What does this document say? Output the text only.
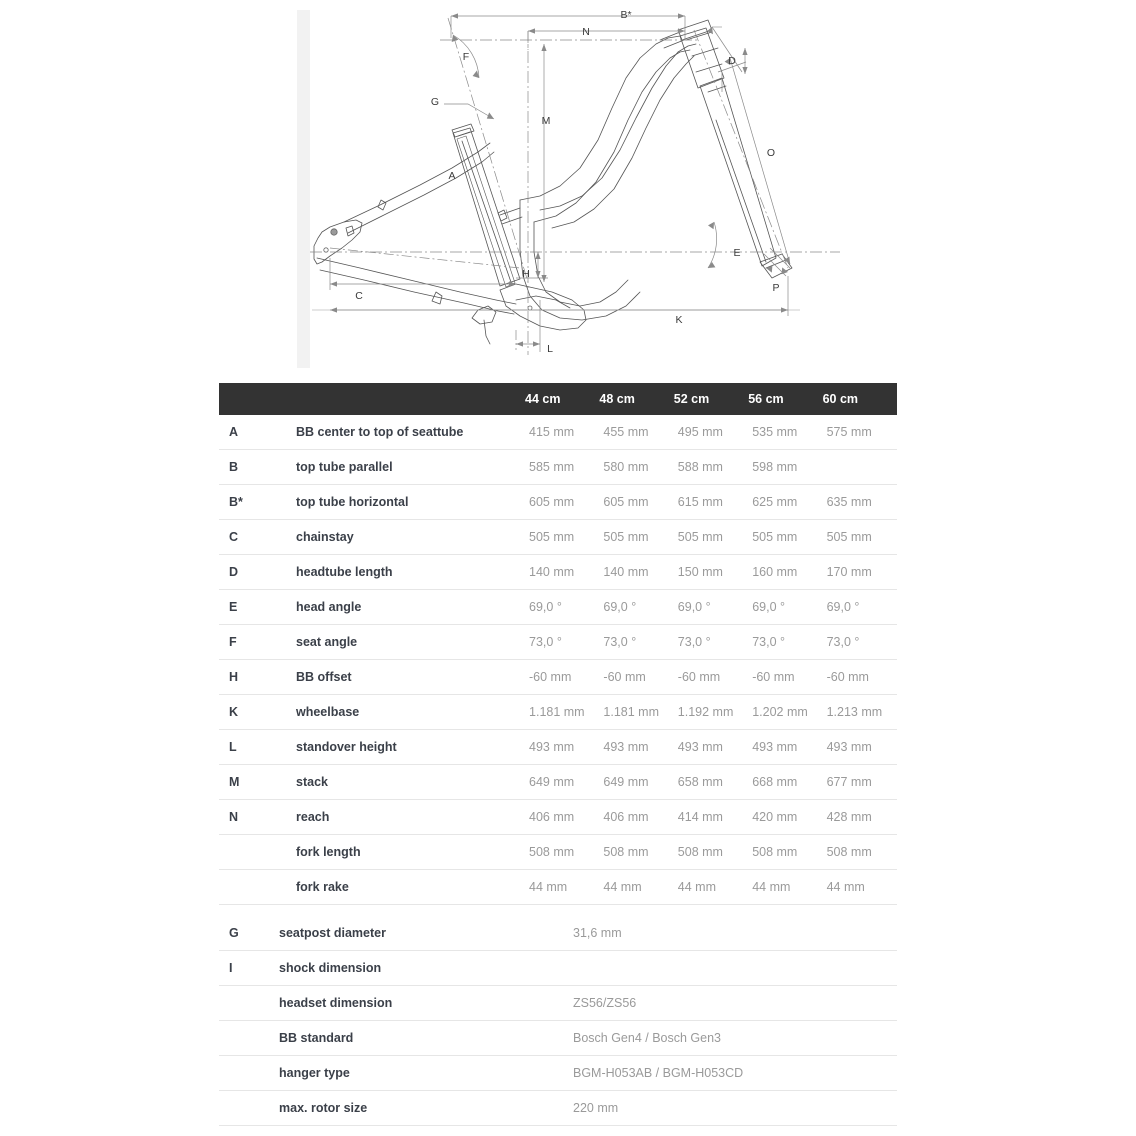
B*
N
F	D
G
M
O
A
E
H
P
C
K
L
		44 cm	48 cm	52 cm	56 cm	60 cm
A	BB center to top of seattube	415 mm	455 mm	495 mm	535 mm	575 mm
B	top tube parallel	585 mm	580 mm	588 mm	598 mm	
B*	top tube horizontal	605 mm	605 mm	615 mm	625 mm	635 mm
C	chainstay	505 mm	505 mm	505 mm	505 mm	505 mm
D	headtube length	140 mm	140 mm	150 mm	160 mm	170 mm
E	head angle	69,0 °	69,0 °	69,0 °	69,0 °	69,0 °
F	seat angle	73,0 °	73,0 °	73,0 °	73,0 °	73,0 °
H	BB offset	-60 mm	-60 mm	-60 mm	-60 mm	-60 mm
K	wheelbase	1.181 mm	1.181 mm	1.192 mm	1.202 mm	1.213 mm
L	standover height	493 mm	493 mm	493 mm	493 mm	493 mm
M	stack	649 mm	649 mm	658 mm	668 mm	677 mm
N	reach	406 mm	406 mm	414 mm	420 mm	428 mm
	fork length	508 mm	508 mm	508 mm	508 mm	508 mm
	fork rake	44 mm	44 mm	44 mm	44 mm	44 mm
G	seatpost diameter	31,6 mm
I	shock dimension	
	headset dimension	ZS56/ZS56
	BB standard	Bosch Gen4 / Bosch Gen3
	hanger type	BGM-H053AB / BGM-H053CD
	max. rotor size	220 mm
